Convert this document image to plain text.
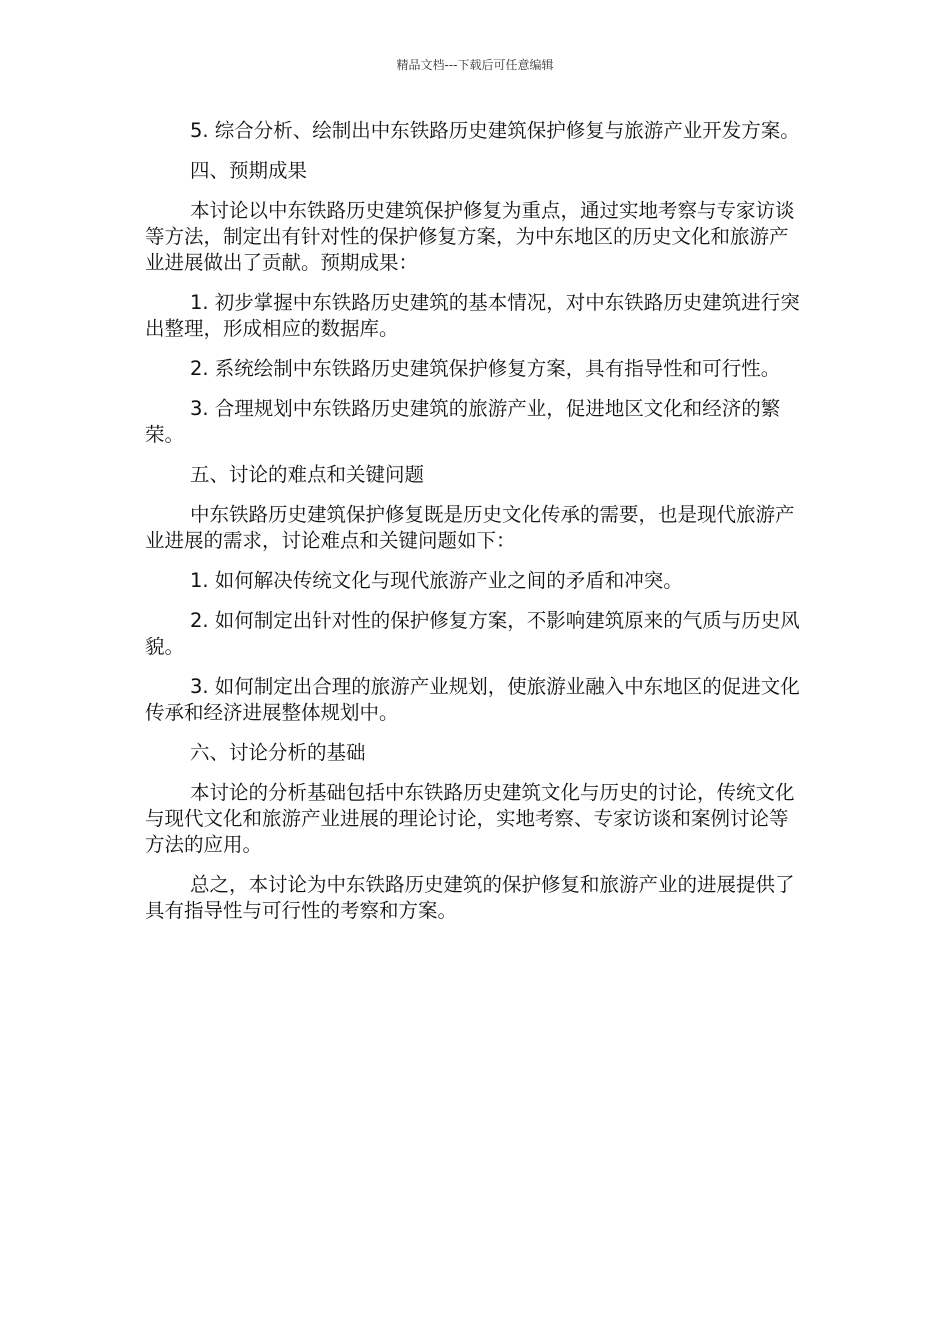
精品文档---下载后可任意编辑

5. 综合分析、绘制出中东铁路历史建筑保护修复与旅游产业开发方案。

四、预期成果

本讨论以中东铁路历史建筑保护修复为重点，通过实地考察与专家访谈等方法，制定出有针对性的保护修复方案，为中东地区的历史文化和旅游产业进展做出了贡献。预期成果：

1. 初步掌握中东铁路历史建筑的基本情况，对中东铁路历史建筑进行突出整理，形成相应的数据库。

2. 系统绘制中东铁路历史建筑保护修复方案，具有指导性和可行性。

3. 合理规划中东铁路历史建筑的旅游产业，促进地区文化和经济的繁荣。

五、讨论的难点和关键问题

中东铁路历史建筑保护修复既是历史文化传承的需要，也是现代旅游产业进展的需求，讨论难点和关键问题如下：

1. 如何解决传统文化与现代旅游产业之间的矛盾和冲突。

2. 如何制定出针对性的保护修复方案，不影响建筑原来的气质与历史风貌。

3. 如何制定出合理的旅游产业规划，使旅游业融入中东地区的促进文化传承和经济进展整体规划中。

六、讨论分析的基础

本讨论的分析基础包括中东铁路历史建筑文化与历史的讨论，传统文化与现代文化和旅游产业进展的理论讨论，实地考察、专家访谈和案例讨论等方法的应用。

总之，本讨论为中东铁路历史建筑的保护修复和旅游产业的进展提供了具有指导性与可行性的考察和方案。
